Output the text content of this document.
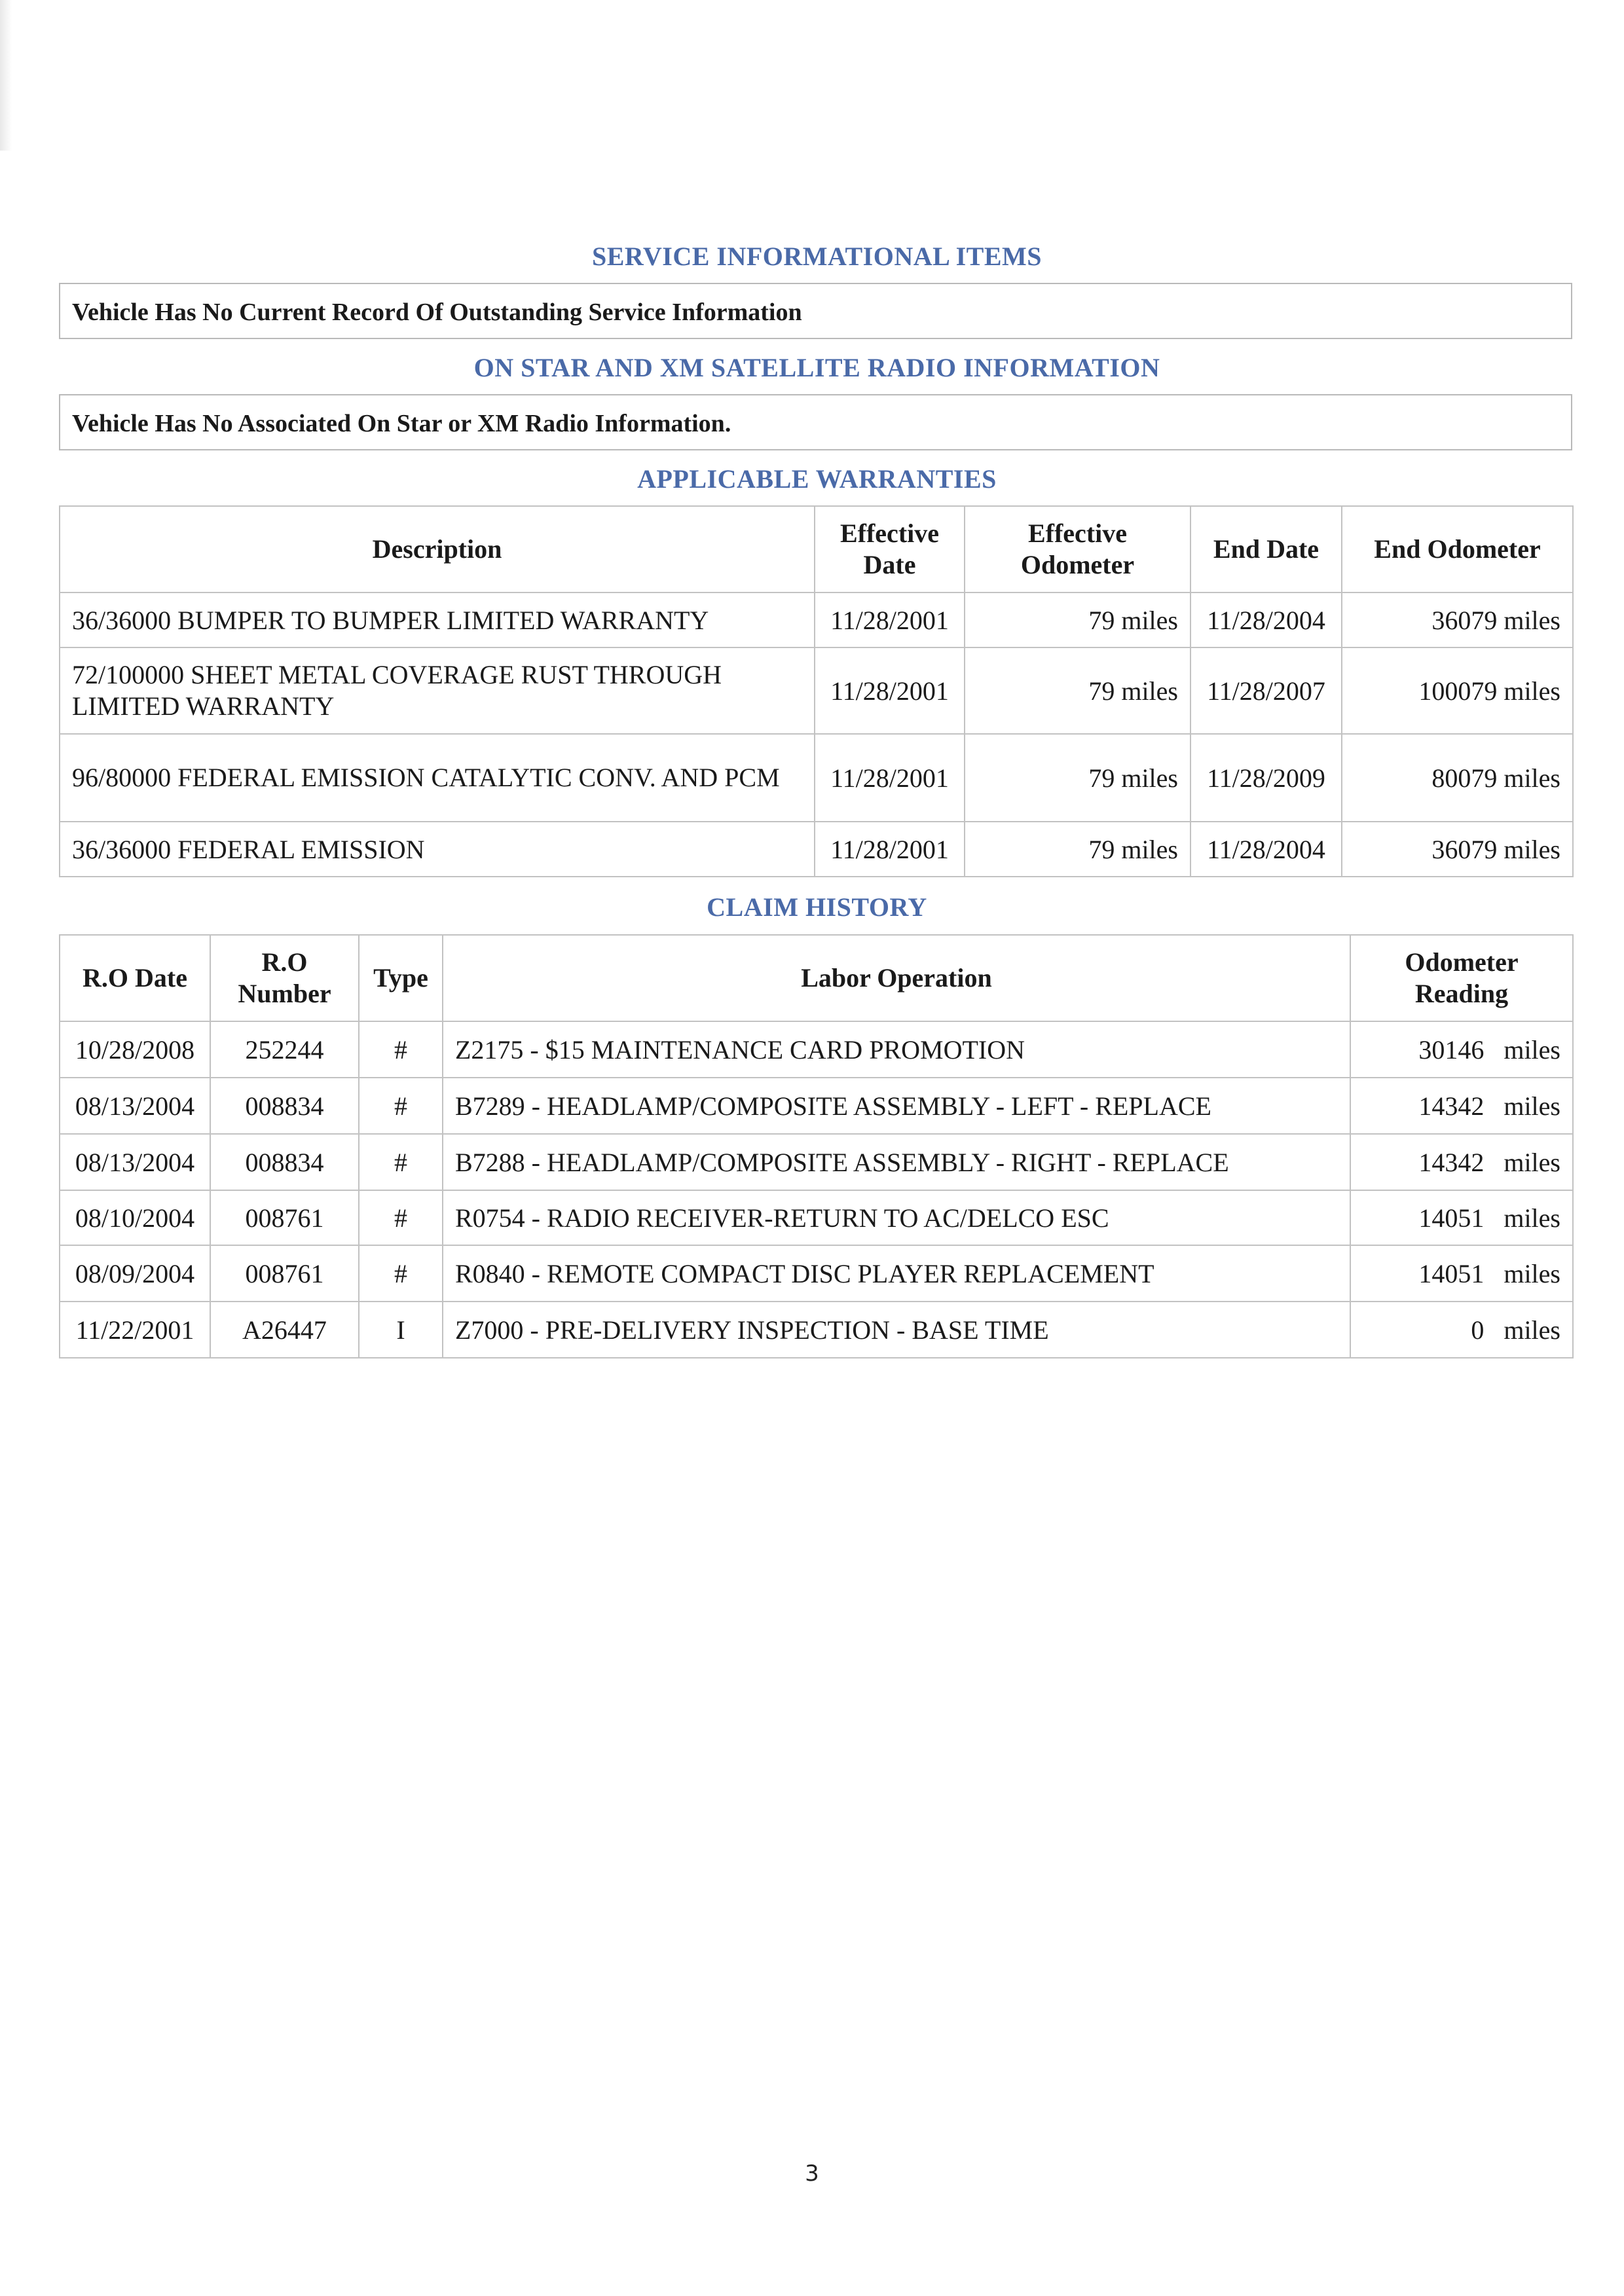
SERVICE INFORMATIONAL ITEMS
Vehicle Has No Current Record Of Outstanding Service Information
ON STAR AND XM SATELLITE RADIO INFORMATION
Vehicle Has No Associated On Star or XM Radio Information.
APPLICABLE WARRANTIES
Description	Effective Date	Effective Odometer	End Date	End Odometer
36/36000 BUMPER TO BUMPER LIMITED WARRANTY	11/28/2001	79 miles	11/28/2004	36079 miles
72/100000 SHEET METAL COVERAGE RUST THROUGH LIMITED WARRANTY	11/28/2001	79 miles	11/28/2007	100079 miles
96/80000 FEDERAL EMISSION CATALYTIC CONV. AND PCM	11/28/2001	79 miles	11/28/2009	80079 miles
36/36000 FEDERAL EMISSION	11/28/2001	79 miles	11/28/2004	36079 miles
CLAIM HISTORY
R.O Date	R.O Number	Type	Labor Operation	Odometer Reading
10/28/2008	252244	#	Z2175 - $15 MAINTENANCE CARD PROMOTION	30146 miles
08/13/2004	008834	#	B7289 - HEADLAMP/COMPOSITE ASSEMBLY - LEFT - REPLACE	14342 miles
08/13/2004	008834	#	B7288 - HEADLAMP/COMPOSITE ASSEMBLY - RIGHT - REPLACE	14342 miles
08/10/2004	008761	#	R0754 - RADIO RECEIVER-RETURN TO AC/DELCO ESC	14051 miles
08/09/2004	008761	#	R0840 - REMOTE COMPACT DISC PLAYER REPLACEMENT	14051 miles
11/22/2001	A26447	I	Z7000 - PRE-DELIVERY INSPECTION - BASE TIME	0 miles
3
